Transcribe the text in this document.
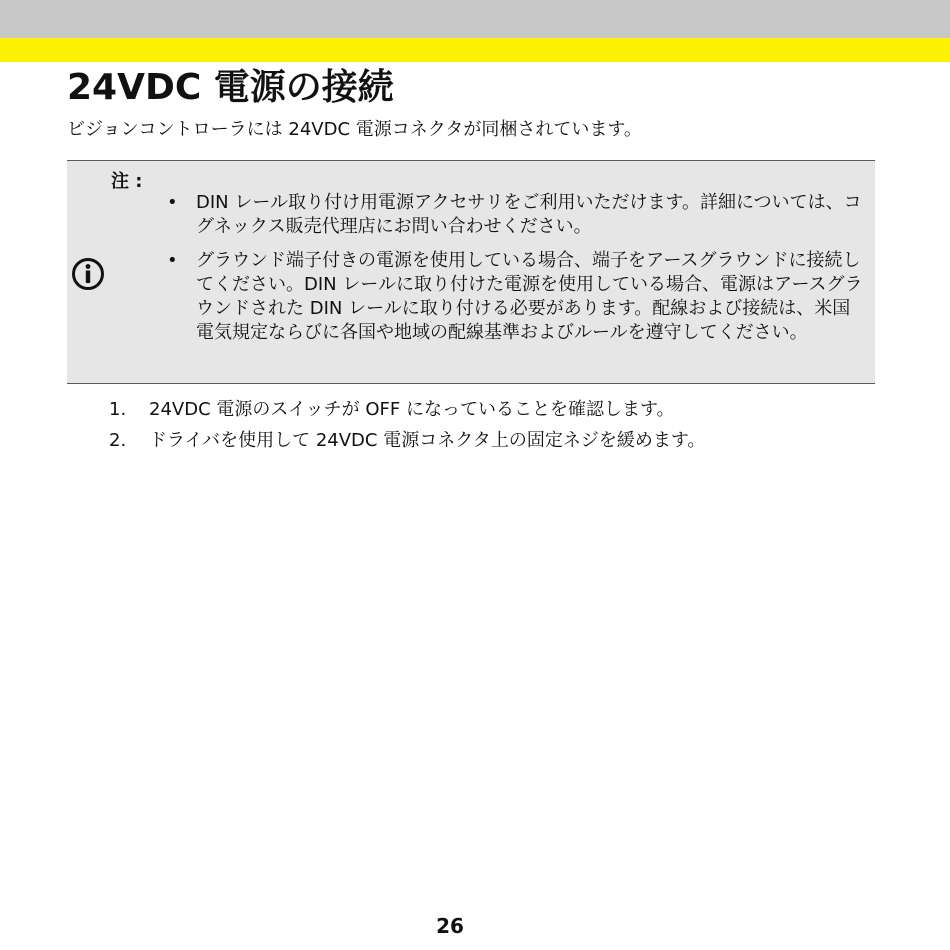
24VDC 電源の接続

ビジョンコントローラには 24VDC 電源コネクタが同梱されています。

注 :
• DIN レール取り付け用電源アクセサリをご利用いただけます。詳細については、コグネックス販売代理店にお問い合わせください。
• グラウンド端子付きの電源を使用している場合、端子をアースグラウンドに接続してください。DIN レールに取り付けた電源を使用している場合、電源はアースグラウンドされた DIN レールに取り付ける必要があります。配線および接続は、米国電気規定ならびに各国や地域の配線基準およびルールを遵守してください。
1. 24VDC 電源のスイッチが OFF になっていることを確認します。
2. ドライバを使用して 24VDC 電源コネクタ上の固定ネジを緩めます。
26
